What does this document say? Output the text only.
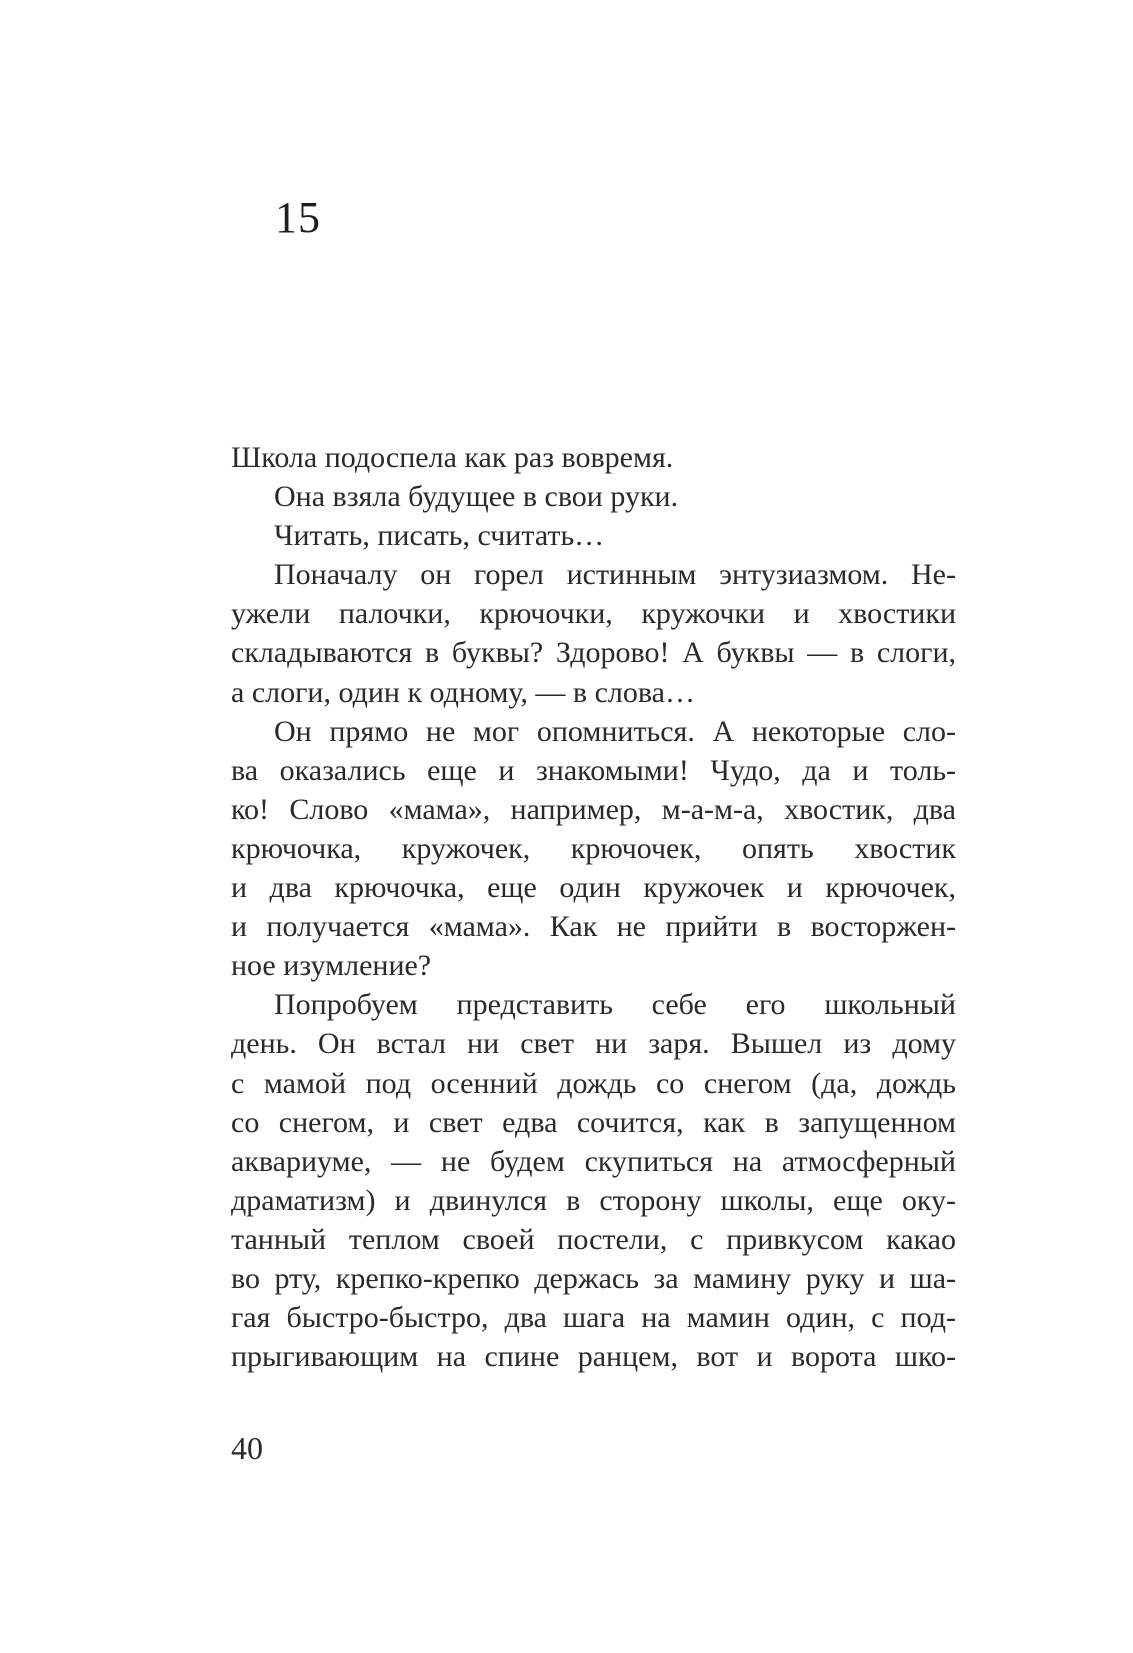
15
Школа подоспела как раз вовремя.
Она взяла будущее в свои руки.
Читать, писать, считать…
Поначалу он горел истинным энтузиазмом. Не-
ужели палочки, крючочки, кружочки и хвостики
складываются в буквы? Здорово! А буквы — в слоги,
а слоги, один к одному, — в слова…
Он прямо не мог опомниться. А некоторые сло-
ва оказались еще и знакомыми! Чудо, да и толь-
ко! Слово «мама», например, м-а-м-а, хвостик, два
крючочка, кружочек, крючочек, опять хвостик
и два крючочка, еще один кружочек и крючочек,
и получается «мама». Как не прийти в восторжен-
ное изумление?
Попробуем представить себе его школьный
день. Он встал ни свет ни заря. Вышел из дому
с мамой под осенний дождь со снегом (да, дождь
со снегом, и свет едва сочится, как в запущенном
аквариуме, — не будем скупиться на атмосферный
драматизм) и двинулся в сторону школы, еще оку-
танный теплом своей постели, с привкусом какао
во рту, крепко-крепко держась за мамину руку и ша-
гая быстро-быстро, два шага на мамин один, с под-
прыгивающим на спине ранцем, вот и ворота шко-
40
